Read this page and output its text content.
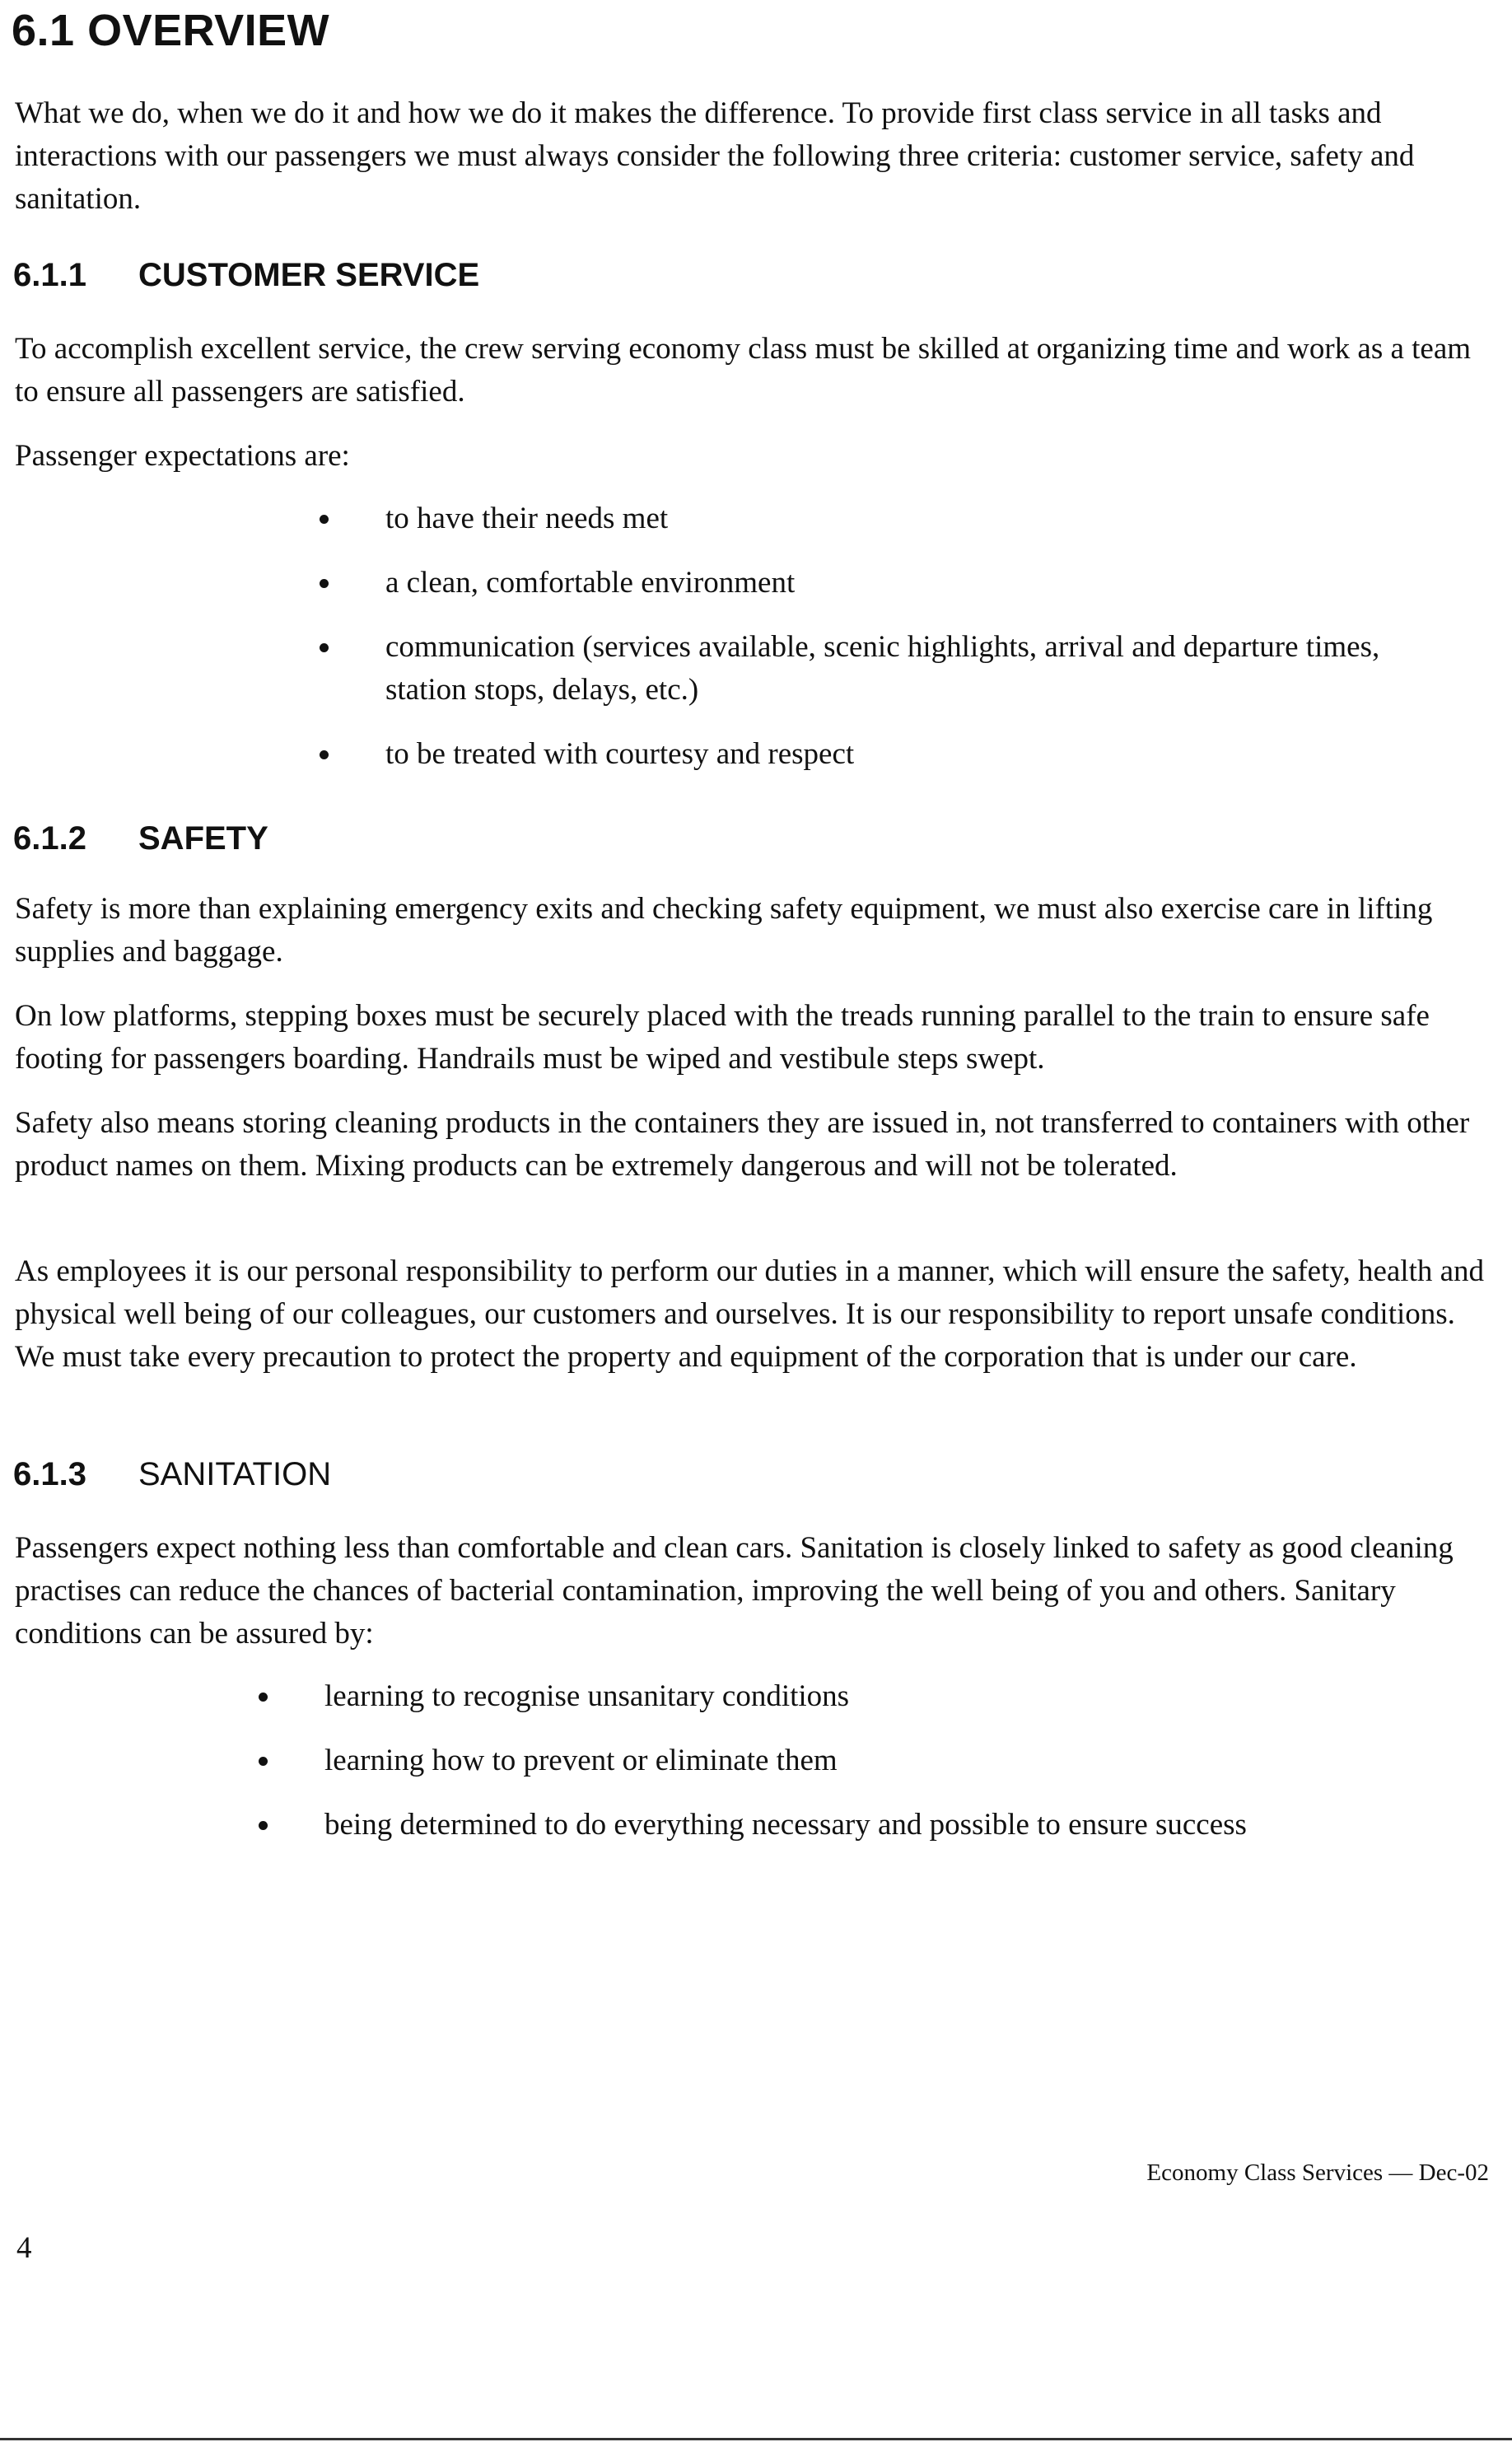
6.1 OVERVIEW

What we do, when we do it and how we do it makes the difference. To provide first class service in all tasks and interactions with our passengers we must always consider the following three criteria: customer service, safety and sanitation.

6.1.1 CUSTOMER SERVICE

To accomplish excellent service, the crew serving economy class must be skilled at organizing time and work as a team to ensure all passengers are satisfied.

Passenger expectations are:

to have their needs met
a clean, comfortable environment
communication (services available, scenic highlights, arrival and departure times, station stops, delays, etc.)
to be treated with courtesy and respect
6.1.2 SAFETY

Safety is more than explaining emergency exits and checking safety equipment, we must also exercise care in lifting supplies and baggage.

On low platforms, stepping boxes must be securely placed with the treads running parallel to the train to ensure safe footing for passengers boarding. Handrails must be wiped and vestibule steps swept.

Safety also means storing cleaning products in the containers they are issued in, not transferred to containers with other product names on them. Mixing products can be extremely dangerous and will not be tolerated.

As employees it is our personal responsibility to perform our duties in a manner, which will ensure the safety, health and physical well being of our colleagues, our customers and ourselves. It is our responsibility to report unsafe conditions. We must take every precaution to protect the property and equipment of the corporation that is under our care.

6.1.3 SANITATION

Passengers expect nothing less than comfortable and clean cars. Sanitation is closely linked to safety as good cleaning practises can reduce the chances of bacterial contamination, improving the well being of you and others. Sanitary conditions can be assured by:

learning to recognise unsanitary conditions
learning how to prevent or eliminate them
being determined to do everything necessary and possible to ensure success

Economy Class Services — Dec-02

4
